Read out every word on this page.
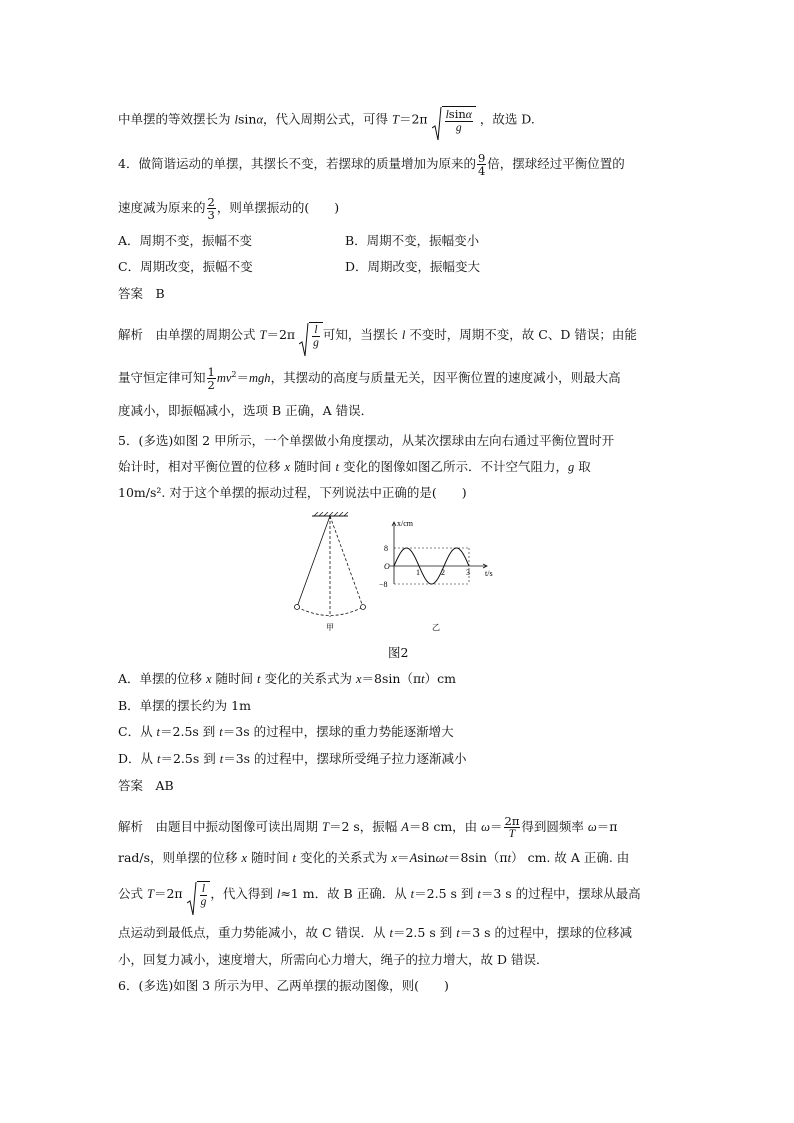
中单摆的等效摆长为 lsinα，代入周期公式，可得 $T=2\pi \frac{lsin\alpha}{g}$ ，故选 D.
4．做简谐运动的单摆，其摆长不变，若摆球的质量增加为原来的 $\frac{9}{4}$ 倍，摆球经过平衡位置的
速度减为原来的 $\frac{2}{3}$ ，则单摆振动的(　　)
A．周期不变，振幅不变	B．周期不变，振幅变小
C．周期改变，振幅不变	D．周期改变，振幅变大
答案　B
解析　由单摆的周期公式 $T=2\pi \frac{l}{g}$ 可知，当摆长 l 不变时，周期不变，故 C、D 错误；由能
量守恒定律可知 $\frac{1}{2} mv^2=mgh$，其摆动的高度与质量无关，因平衡位置的速度减小，则最大高
度减小，即振幅减小，选项 B 正确，A 错误．
5．(多选)如图 2 甲所示，一个单摆做小角度摆动，从某次摆球由左向右通过平衡位置时开
始计时，相对平衡位置的位移 x 随时间 t 变化的图像如图乙所示．不计空气阻力，g 取
10m/s². 对于这个单摆的振动过程，下列说法中正确的是(　　)
甲
x/cm
t/s
8
O
−8
1	2	3
乙
图2
A．单摆的位移 x 随时间 t 变化的关系式为 x＝8sin（πt）cm
B．单摆的摆长约为 1m
C．从 t＝2.5s 到 t＝3s 的过程中，摆球的重力势能逐渐增大
D．从 t＝2.5s 到 t＝3s 的过程中，摆球所受绳子拉力逐渐减小
答案　AB
解析　由题目中振动图像可读出周期 T＝2 s，振幅 A＝8 cm，由 $\omega= \frac{2\pi}{T}$ 得到圆频率 ω＝π
rad/s，则单摆的位移 x 随时间 t 变化的关系式为 x＝Asinωt＝8sin（πt） cm. 故 A 正确. 由
公式 $T=2\pi \frac{l}{g}$ ，代入得到 l≈1 m．故 B 正确．从 t＝2.5 s 到 t＝3 s 的过程中，摆球从最高
点运动到最低点，重力势能减小，故 C 错误．从 t＝2.5 s 到 t＝3 s 的过程中，摆球的位移减
小，回复力减小，速度增大，所需向心力增大，绳子的拉力增大，故 D 错误．
6．(多选)如图 3 所示为甲、乙两单摆的振动图像，则(　　)
